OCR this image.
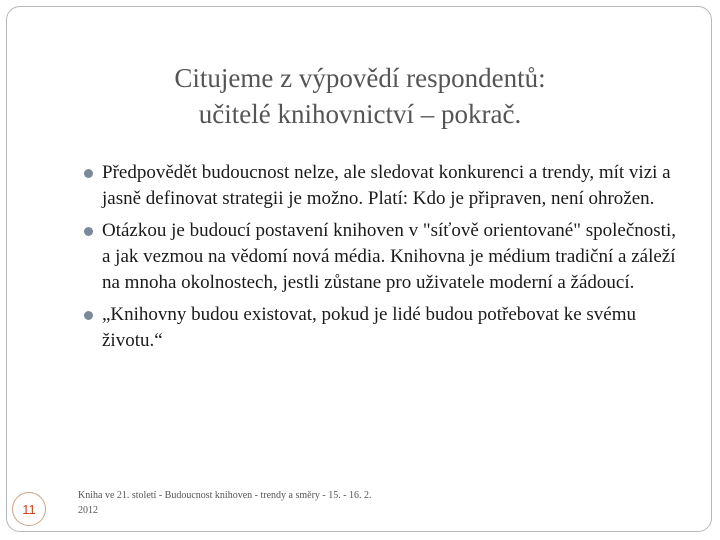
Citujeme z výpovědí respondentů:
učitelé knihovnictví – pokrač.
Předpovědět budoucnost nelze, ale sledovat konkurenci a trendy, mít vizi a jasně definovat strategii je možno. Platí: Kdo je připraven, není ohrožen.
Otázkou je budoucí postavení knihoven v "síťově orientované" společnosti, a jak vezmou na vědomí nová média. Knihovna je médium tradiční a záleží na mnoha okolnostech, jestli zůstane pro uživatele moderní a žádoucí.
„Knihovny budou existovat, pokud je lidé budou potřebovat ke svému životu.“
11
Kniha ve 21. století - Budoucnost knihoven - trendy a směry - 15. - 16. 2. 2012
